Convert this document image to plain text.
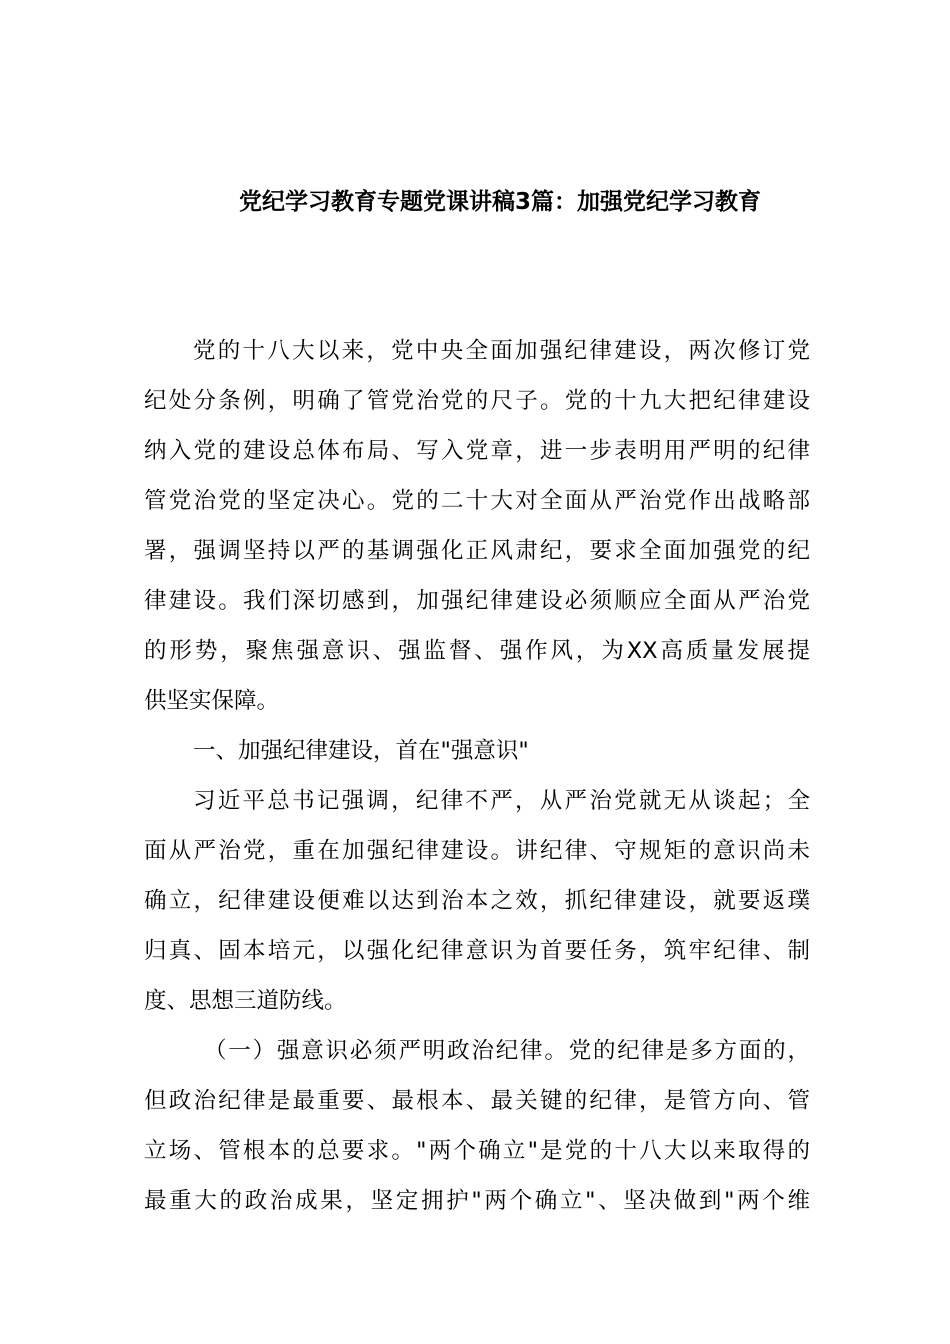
党纪学习教育专题党课讲稿3篇：加强党纪学习教育
党的十八大以来，党中央全面加强纪律建设，两次修订党
纪处分条例，明确了管党治党的尺子。党的十九大把纪律建设
纳入党的建设总体布局、写入党章，进一步表明用严明的纪律
管党治党的坚定决心。党的二十大对全面从严治党作出战略部
署，强调坚持以严的基调强化正风肃纪，要求全面加强党的纪
律建设。我们深切感到，加强纪律建设必须顺应全面从严治党
的形势，聚焦强意识、强监督、强作风，为XX高质量发展提
供坚实保障。
一、加强纪律建设，首在"强意识"
习近平总书记强调，纪律不严，从严治党就无从谈起；全
面从严治党，重在加强纪律建设。讲纪律、守规矩的意识尚未
确立，纪律建设便难以达到治本之效，抓纪律建设，就要返璞
归真、固本培元，以强化纪律意识为首要任务，筑牢纪律、制
度、思想三道防线。
（一）强意识必须严明政治纪律。党的纪律是多方面的，
但政治纪律是最重要、最根本、最关键的纪律，是管方向、管
立场、管根本的总要求。"两个确立"是党的十八大以来取得的
最重大的政治成果，坚定拥护"两个确立"、坚决做到"两个维
